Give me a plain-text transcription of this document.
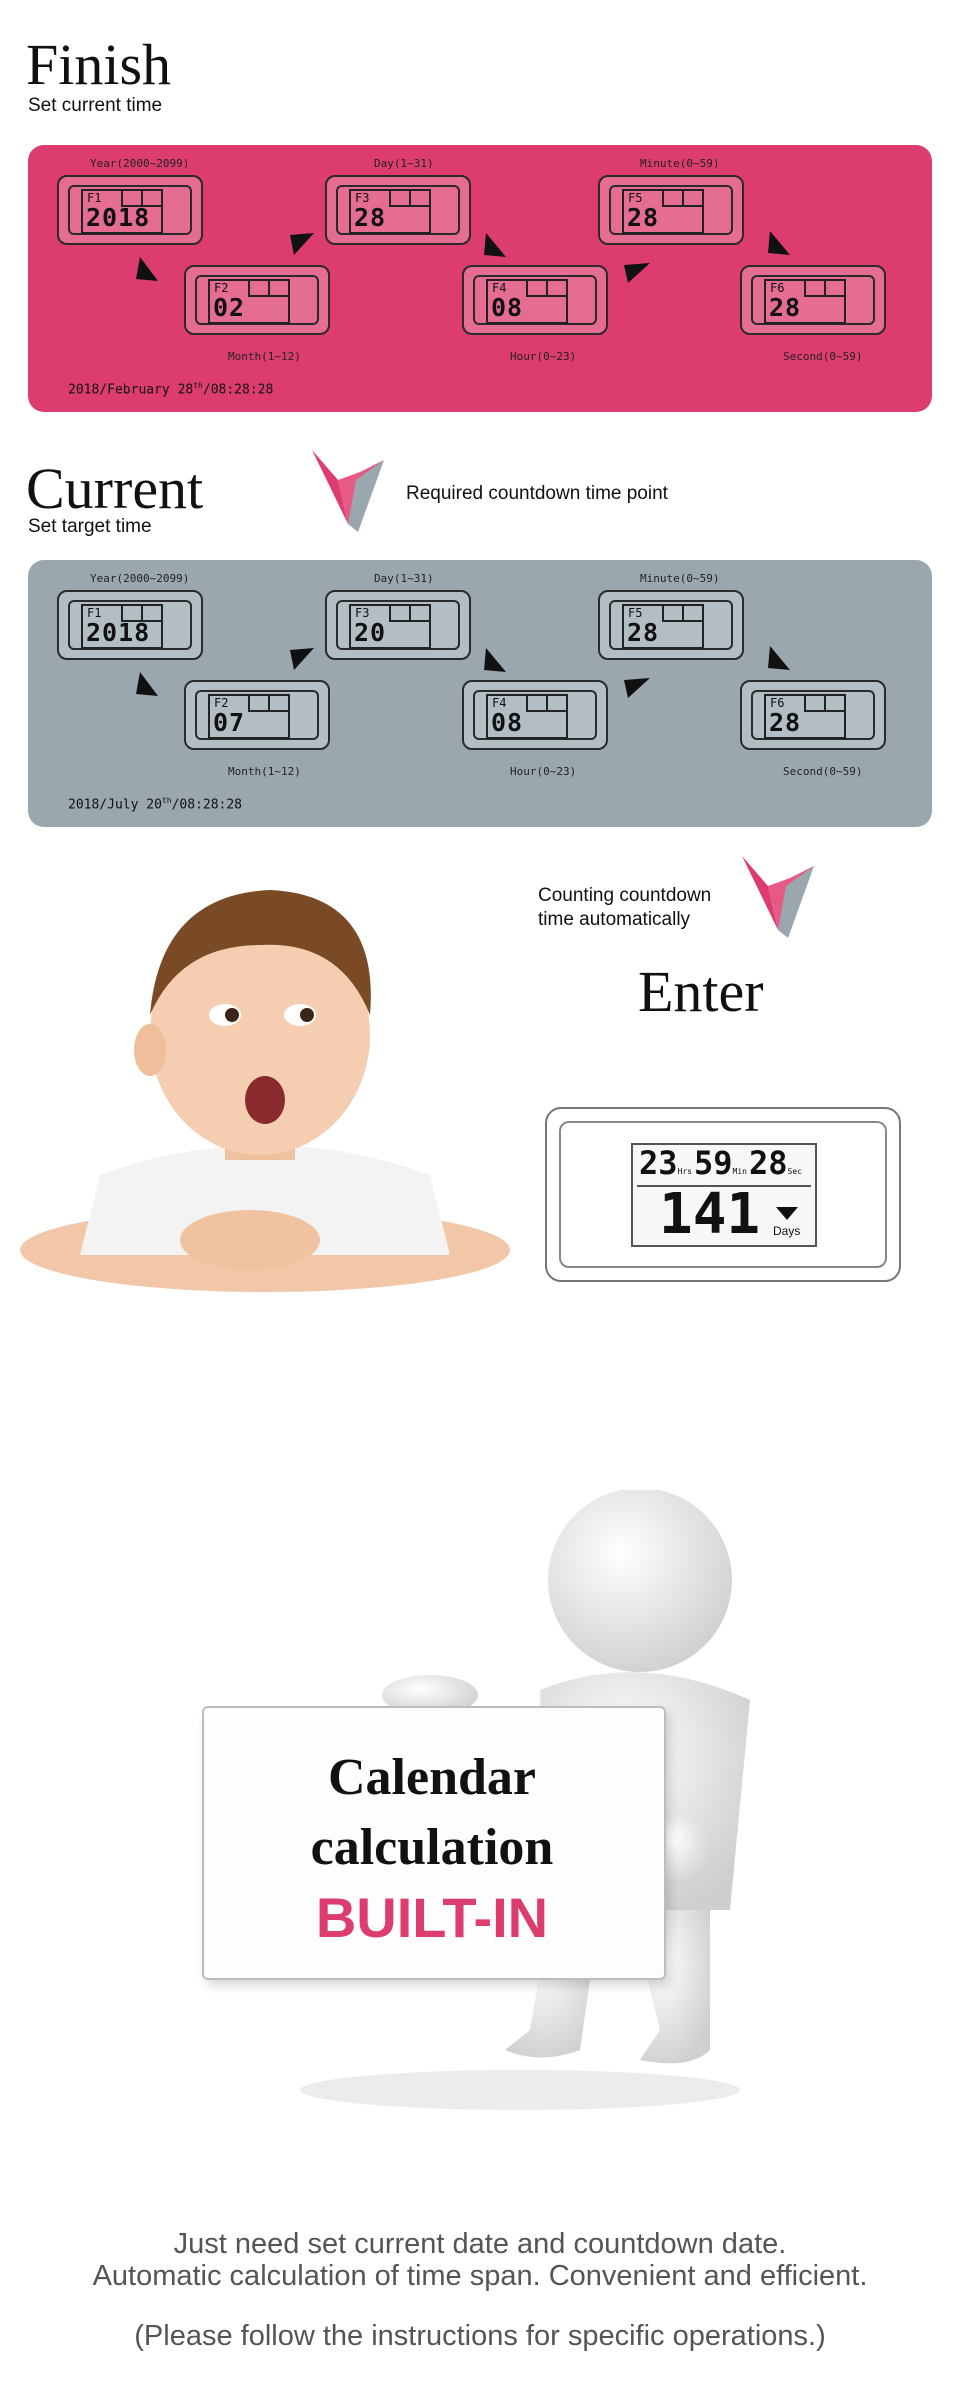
Finish
Set current time
Year(2000~2099)	Day(1~31)	Minute(0~59)
Month(1~12)	Hour(0~23)	Second(0~59)
F1
2018
F2
02
F3
28
F4
08
F5
28
F6
28
2018/February 28th/08:28:28
Current
Set target time
Required countdown time point
Year(2000~2099)	Day(1~31)	Minute(0~59)
Month(1~12)	Hour(0~23)	Second(0~59)
F1
2018
F2
07
F3
20
F4
08
F5
28
F6
28
2018/July 20th/08:28:28
Counting countdown
time automatically
Enter
23Hrs59Min28Sec
141 Days
Calendar
calculation
BUILT-IN
Just need set current date and countdown date.
Automatic calculation of time span. Convenient and efficient.
(Please follow the instructions for specific operations.)
